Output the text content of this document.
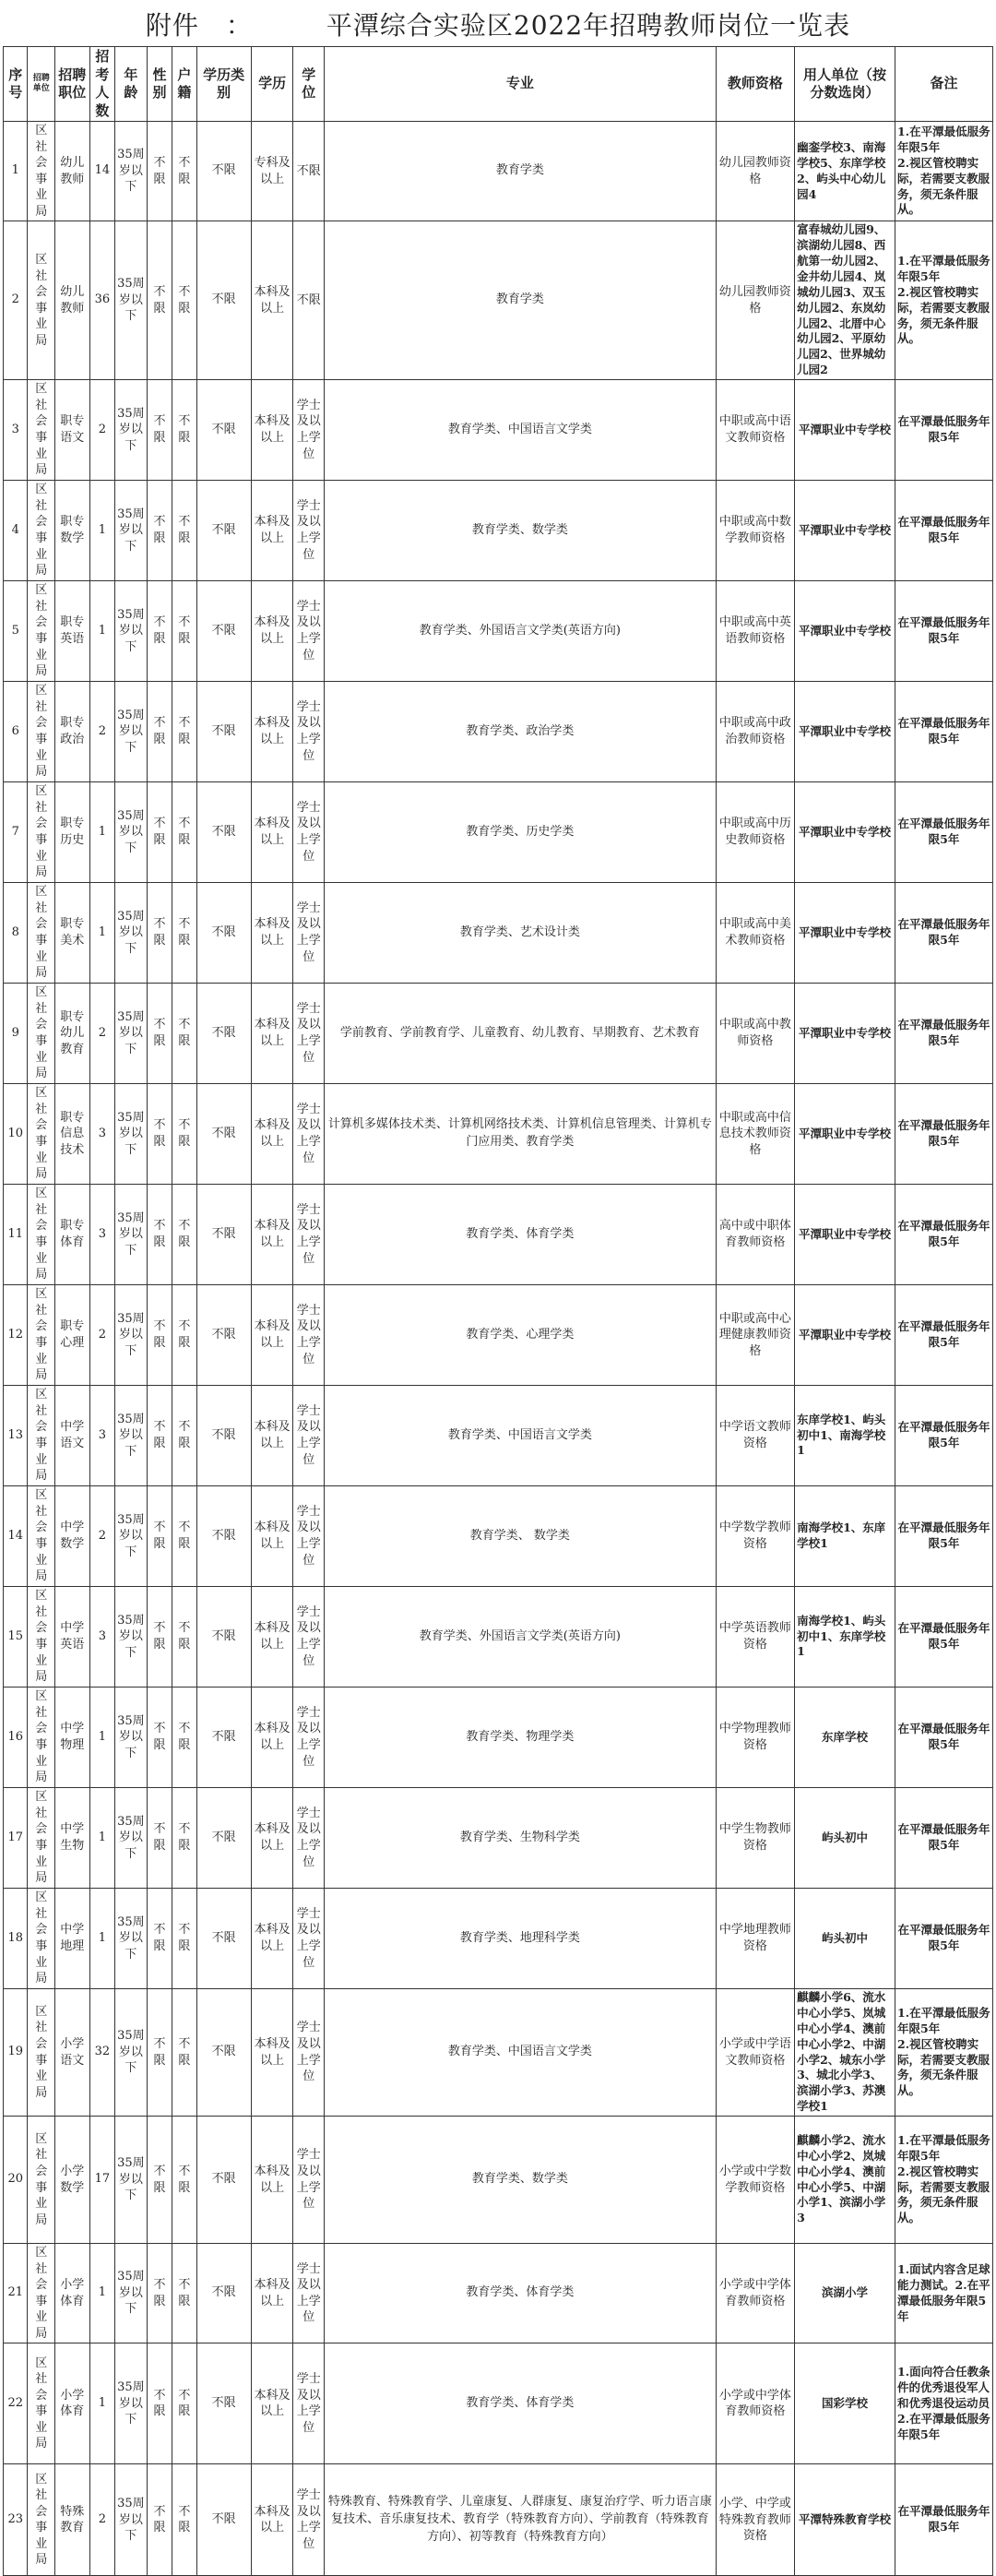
附件　：	平潭综合实验区2022年招聘教师岗位一览表
序号	招聘单位	招聘职位	招考人数	年龄	性别	户籍	学历类别	学历	学位	专业	教师资格	用人单位（按分数选岗）	备注
1	区社会事业局	幼儿教师	14	35周岁以下	不限	不限	不限	专科及以上	不限	教育学类	幼儿园教师资格	幽銮学校3、南海学校5、东庠学校2、屿头中心幼儿园4	1.在平潭最低服务年限5年
2.视区管校聘实际，若需要支教服务，须无条件服从。
2	区社会事业局	幼儿教师	36	35周岁以下	不限	不限	不限	本科及以上	不限	教育学类	幼儿园教师资格	富春城幼儿园9、滨湖幼儿园8、西航第一幼儿园2、金井幼儿园4、岚城幼儿园3、双玉幼儿园2、东岚幼儿园2、北厝中心幼儿园2、平原幼儿园2、世界城幼儿园2	1.在平潭最低服务年限5年
2.视区管校聘实际，若需要支教服务，须无条件服从。
3	区社会事业局	职专语文	2	35周岁以下	不限	不限	不限	本科及以上	学士及以上学位	教育学类、中国语言文学类	中职或高中语文教师资格	平潭职业中专学校	在平潭最低服务年限5年
4	区社会事业局	职专数学	1	35周岁以下	不限	不限	不限	本科及以上	学士及以上学位	教育学类、数学类	中职或高中数学教师资格	平潭职业中专学校	在平潭最低服务年限5年
5	区社会事业局	职专英语	1	35周岁以下	不限	不限	不限	本科及以上	学士及以上学位	教育学类、外国语言文学类(英语方向)	中职或高中英语教师资格	平潭职业中专学校	在平潭最低服务年限5年
6	区社会事业局	职专政治	2	35周岁以下	不限	不限	不限	本科及以上	学士及以上学位	教育学类、政治学类	中职或高中政治教师资格	平潭职业中专学校	在平潭最低服务年限5年
7	区社会事业局	职专历史	1	35周岁以下	不限	不限	不限	本科及以上	学士及以上学位	教育学类、历史学类	中职或高中历史教师资格	平潭职业中专学校	在平潭最低服务年限5年
8	区社会事业局	职专美术	1	35周岁以下	不限	不限	不限	本科及以上	学士及以上学位	教育学类、艺术设计类	中职或高中美术教师资格	平潭职业中专学校	在平潭最低服务年限5年
9	区社会事业局	职专幼儿教育	2	35周岁以下	不限	不限	不限	本科及以上	学士及以上学位	学前教育、学前教育学、儿童教育、幼儿教育、早期教育、艺术教育	中职或高中教师资格	平潭职业中专学校	在平潭最低服务年限5年
10	区社会事业局	职专信息技术	3	35周岁以下	不限	不限	不限	本科及以上	学士及以上学位	计算机多媒体技术类、计算机网络技术类、计算机信息管理类、计算机专门应用类、教育学类	中职或高中信息技术教师资格	平潭职业中专学校	在平潭最低服务年限5年
11	区社会事业局	职专体育	3	35周岁以下	不限	不限	不限	本科及以上	学士及以上学位	教育学类、体育学类	高中或中职体育教师资格	平潭职业中专学校	在平潭最低服务年限5年
12	区社会事业局	职专心理	2	35周岁以下	不限	不限	不限	本科及以上	学士及以上学位	教育学类、心理学类	中职或高中心理健康教师资格	平潭职业中专学校	在平潭最低服务年限5年
13	区社会事业局	中学语文	3	35周岁以下	不限	不限	不限	本科及以上	学士及以上学位	教育学类、中国语言文学类	中学语文教师资格	东庠学校1、屿头初中1、南海学校1	在平潭最低服务年限5年
14	区社会事业局	中学数学	2	35周岁以下	不限	不限	不限	本科及以上	学士及以上学位	教育学类、 数学类	中学数学教师资格	南海学校1、东庠学校1	在平潭最低服务年限5年
15	区社会事业局	中学英语	3	35周岁以下	不限	不限	不限	本科及以上	学士及以上学位	教育学类、外国语言文学类(英语方向)	中学英语教师资格	南海学校1、屿头初中1、东庠学校1	在平潭最低服务年限5年
16	区社会事业局	中学物理	1	35周岁以下	不限	不限	不限	本科及以上	学士及以上学位	教育学类、物理学类	中学物理教师资格	东庠学校	在平潭最低服务年限5年
17	区社会事业局	中学生物	1	35周岁以下	不限	不限	不限	本科及以上	学士及以上学位	教育学类、生物科学类	中学生物教师资格	屿头初中	在平潭最低服务年限5年
18	区社会事业局	中学地理	1	35周岁以下	不限	不限	不限	本科及以上	学士及以上学位	教育学类、地理科学类	中学地理教师资格	屿头初中	在平潭最低服务年限5年
19	区社会事业局	小学语文	32	35周岁以下	不限	不限	不限	本科及以上	学士及以上学位	教育学类、中国语言文学类	小学或中学语文教师资格	麒麟小学6、流水中心小学5、岚城中心小学4、澳前中心小学2、中湖小学2、城东小学3、城北小学3、滨湖小学3、苏澳学校1	1.在平潭最低服务年限5年
2.视区管校聘实际，若需要支教服务，须无条件服从。
20	区社会事业局	小学数学	17	35周岁以下	不限	不限	不限	本科及以上	学士及以上学位	教育学类、数学类	小学或中学数学教师资格	麒麟小学2、流水中心小学2、岚城中心小学4、澳前中心小学5、中湖小学1、滨湖小学3	1.在平潭最低服务年限5年
2.视区管校聘实际，若需要支教服务，须无条件服从。
21	区社会事业局	小学体育	1	35周岁以下	不限	不限	不限	本科及以上	学士及以上学位	教育学类、体育学类	小学或中学体育教师资格	滨湖小学	1.面试内容含足球能力测试。2.在平潭最低服务年限5年
22	区社会事业局	小学体育	1	35周岁以下	不限	不限	不限	本科及以上	学士及以上学位	教育学类、体育学类	小学或中学体育教师资格	国彩学校	1.面向符合任教条件的优秀退役军人和优秀退役运动员
2.在平潭最低服务年限5年
23	区社会事业局	特殊教育	2	35周岁以下	不限	不限	不限	本科及以上	学士及以上学位	特殊教育、特殊教育学、儿童康复、人群康复、康复治疗学、听力语言康复技术、音乐康复技术、教育学（特殊教育方向）、学前教育（特殊教育方向）、初等教育（特殊教育方向）	小学、中学或特殊教育教师资格	平潭特殊教育学校	在平潭最低服务年限5年
